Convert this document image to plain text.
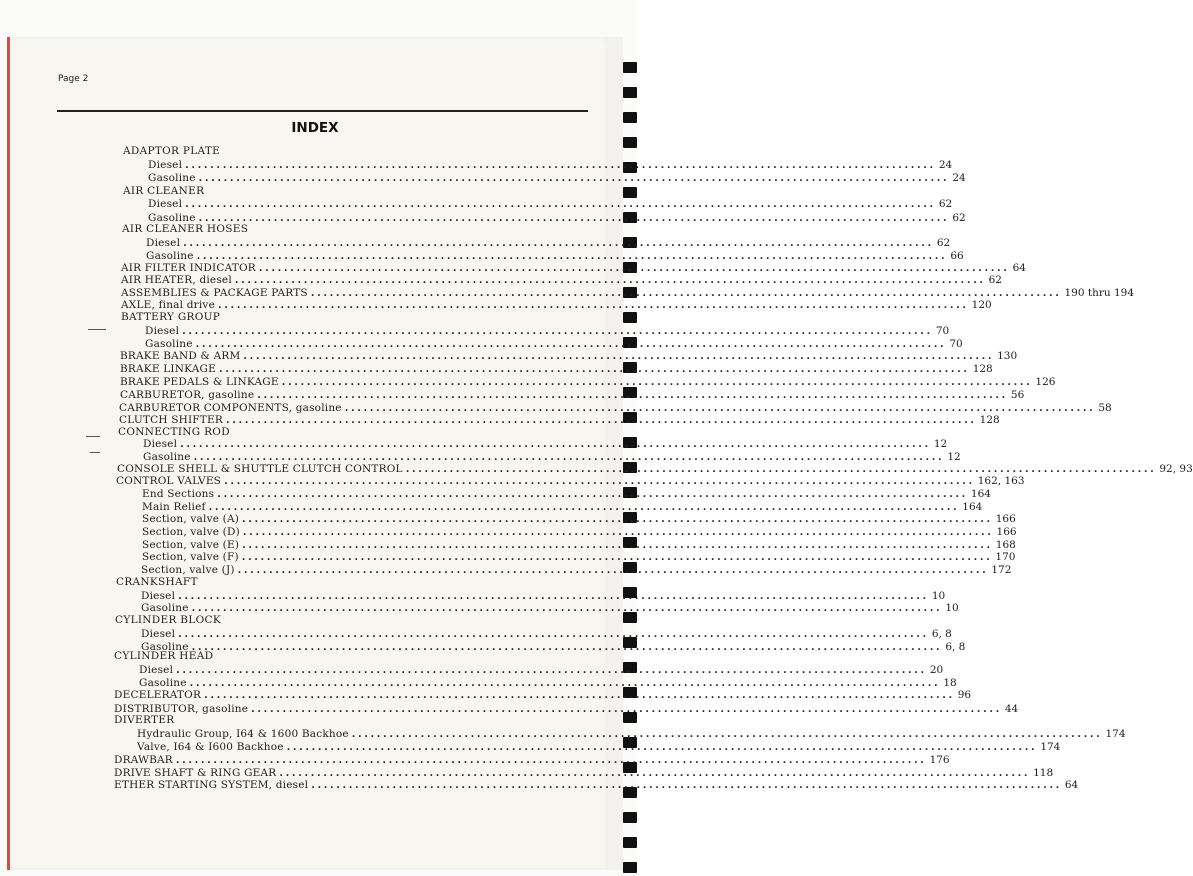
Page 2
INDEX
ADAPTOR PLATE
Diesel ........................................................................................................................ 24
Gasoline ........................................................................................................................ 24
AIR CLEANER
Diesel ........................................................................................................................ 62
Gasoline ........................................................................................................................ 62
AIR CLEANER HOSES
Diesel ........................................................................................................................ 62
Gasoline ........................................................................................................................ 66
AIR FILTER INDICATOR ........................................................................................................................ 64
AIR HEATER, diesel ........................................................................................................................ 62
ASSEMBLIES & PACKAGE PARTS ........................................................................................................................ 190 thru 194
AXLE, final drive ........................................................................................................................ 120
BATTERY GROUP
Diesel ........................................................................................................................ 70
Gasoline ........................................................................................................................ 70
BRAKE BAND & ARM ........................................................................................................................ 130
BRAKE LINKAGE ........................................................................................................................ 128
BRAKE PEDALS & LINKAGE ........................................................................................................................ 126
CARBURETOR, gasoline ........................................................................................................................ 56
CARBURETOR COMPONENTS, gasoline ........................................................................................................................ 58
CLUTCH SHIFTER ........................................................................................................................ 128
CONNECTING ROD
Diesel ........................................................................................................................ 12
Gasoline ........................................................................................................................ 12
CONSOLE SHELL & SHUTTLE CLUTCH CONTROL ........................................................................................................................ 92, 93
CONTROL VALVES ........................................................................................................................ 162, 163
End Sections ........................................................................................................................ 164
Main Relief ........................................................................................................................ 164
Section, valve (A) ........................................................................................................................ 166
Section, valve (D) ........................................................................................................................ 166
Section, valve (E) ........................................................................................................................ 168
Section, valve (F) ........................................................................................................................ 170
Section, valve (J) ........................................................................................................................ 172
CRANKSHAFT
Diesel ........................................................................................................................ 10
Gasoline ........................................................................................................................ 10
CYLINDER BLOCK
Diesel ........................................................................................................................ 6, 8
Gasoline ........................................................................................................................ 6, 8
CYLINDER HEAD
Diesel ........................................................................................................................ 20
Gasoline ........................................................................................................................ 18
DECELERATOR ........................................................................................................................ 96
DISTRIBUTOR, gasoline ........................................................................................................................ 44
DIVERTER
Hydraulic Group, I64 & 1600 Backhoe ........................................................................................................................ 174
Valve, I64 & I600 Backhoe ........................................................................................................................ 174
DRAWBAR ........................................................................................................................ 176
DRIVE SHAFT & RING GEAR ........................................................................................................................ 118
ETHER STARTING SYSTEM, diesel ........................................................................................................................ 64
